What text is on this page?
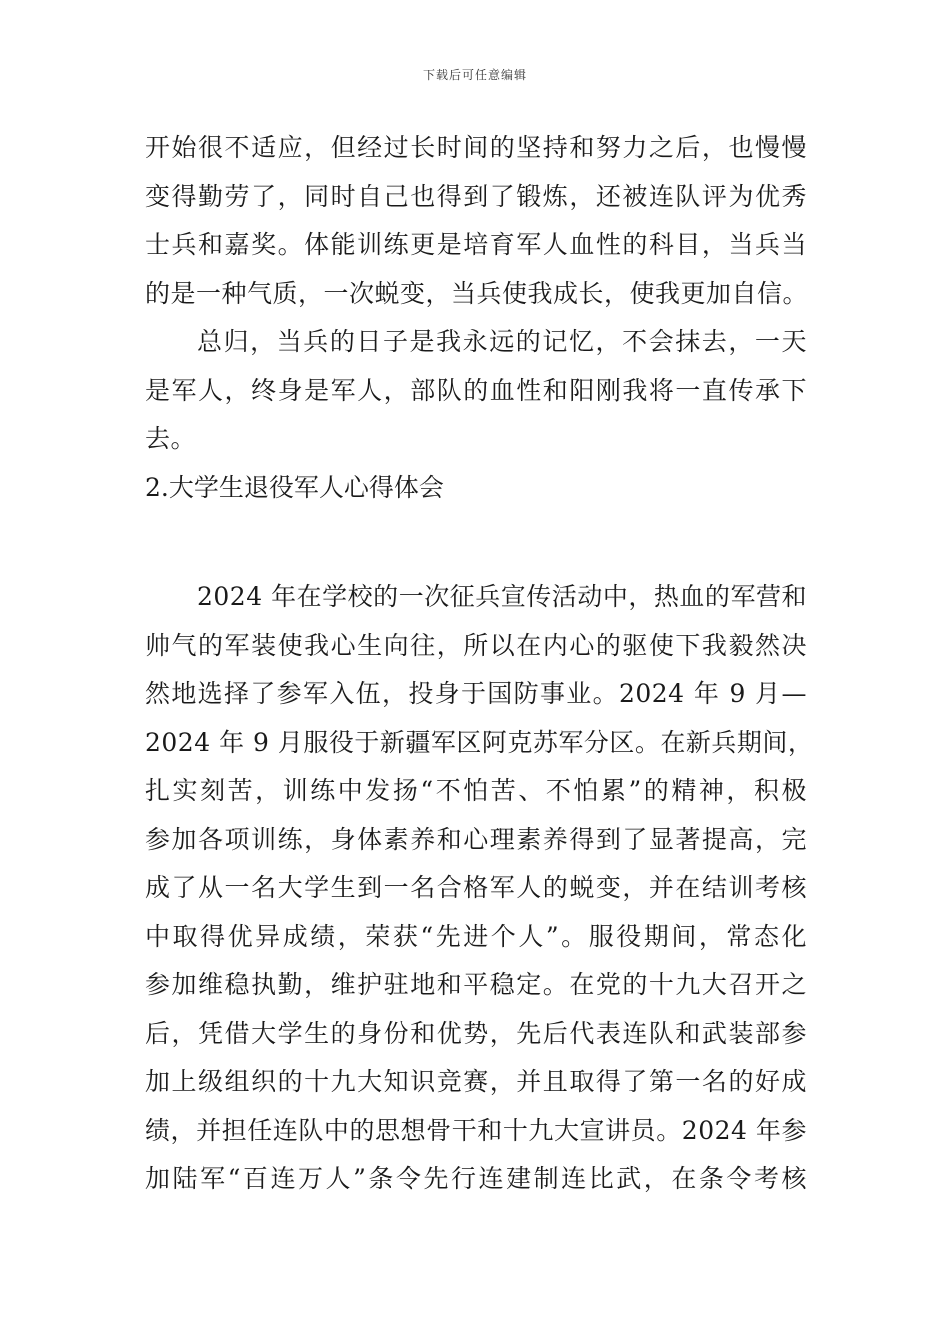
下载后可任意编辑
开始很不适应，但经过长时间的坚持和努力之后，也慢慢
变得勤劳了，同时自己也得到了锻炼，还被连队评为优秀
士兵和嘉奖。体能训练更是培育军人血性的科目，当兵当
的是一种气质，一次蜕变，当兵使我成长，使我更加自信。
总归，当兵的日子是我永远的记忆，不会抹去，一天
是军人，终身是军人，部队的血性和阳刚我将一直传承下
去。
2.大学生退役军人心得体会
2024 年在学校的一次征兵宣传活动中，热血的军营和
帅气的军装使我心生向往，所以在内心的驱使下我毅然决
然地选择了参军入伍，投身于国防事业。2024 年 9 月—
2024 年 9 月服役于新疆军区阿克苏军分区。在新兵期间，
扎实刻苦，训练中发扬“不怕苦、不怕累”的精神，积极
参加各项训练，身体素养和心理素养得到了显著提高，完
成了从一名大学生到一名合格军人的蜕变，并在结训考核
中取得优异成绩，荣获“先进个人”。服役期间，常态化
参加维稳执勤，维护驻地和平稳定。在党的十九大召开之
后，凭借大学生的身份和优势，先后代表连队和武装部参
加上级组织的十九大知识竞赛，并且取得了第一名的好成
绩，并担任连队中的思想骨干和十九大宣讲员。2024 年参
加陆军“百连万人”条令先行连建制连比武，在条令考核
